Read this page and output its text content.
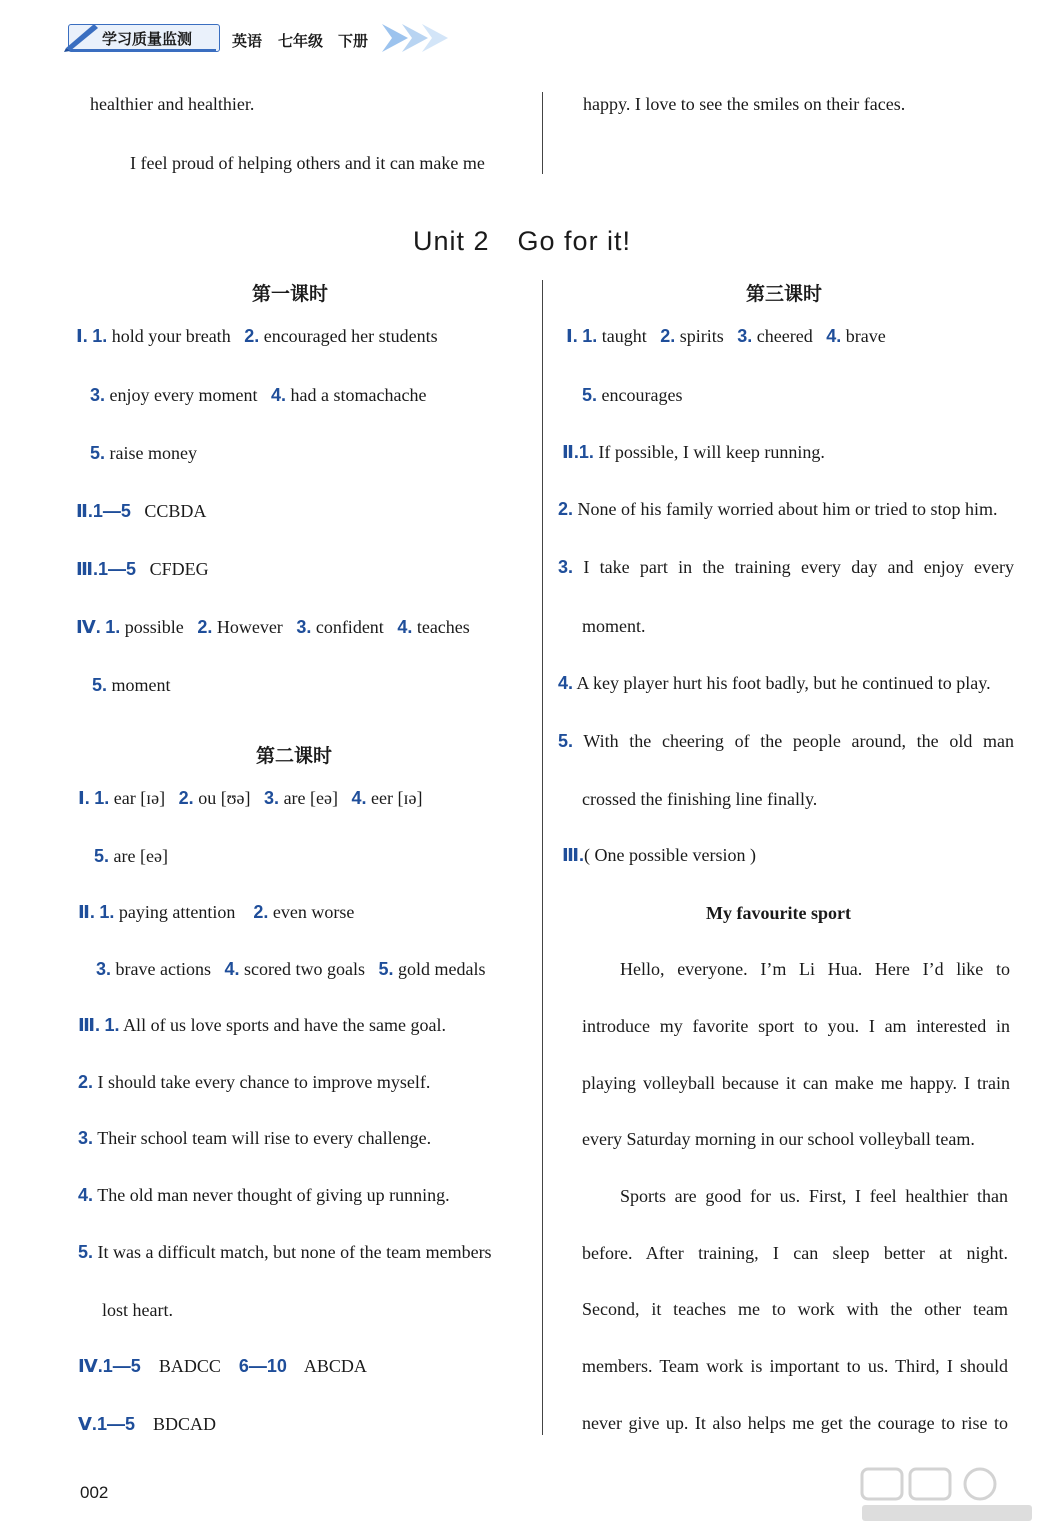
学习质量监测	英语 七年级 下册
healthier and healthier.
I feel proud of helping others and it can make me
happy. I love to see the smiles on their faces.
Unit 2　Go for it!
第一课时
Ⅰ. 1. hold your breath 2. encouraged her students
3. enjoy every moment 4. had a stomachache
5. raise money
Ⅱ.1—5 CCBDA
Ⅲ.1—5 CFDEG
Ⅳ. 1. possible 2. However 3. confident 4. teaches
5. moment
第二课时
Ⅰ. 1. ear [ɪə] 2. ou [ʊə] 3. are [eə] 4. eer [ɪə]
5. are [eə]
Ⅱ. 1. paying attention 2. even worse
3. brave actions 4. scored two goals 5. gold medals
Ⅲ. 1. All of us love sports and have the same goal.
2. I should take every chance to improve myself.
3. Their school team will rise to every challenge.
4. The old man never thought of giving up running.
5. It was a difficult match, but none of the team members
lost heart.
Ⅳ.1—5 BADCC 6—10 ABCDA
Ⅴ.1—5 BDCAD
第三课时
Ⅰ. 1. taught 2. spirits 3. cheered 4. brave
5. encourages
Ⅱ.1. If possible, I will keep running.
2. None of his family worried about him or tried to stop him.
3. I take part in the training every day and enjoy every
moment.
4. A key player hurt his foot badly, but he continued to play.
5. With the cheering of the people around, the old man
crossed the finishing line finally.
Ⅲ.( One possible version )
My favourite sport
Hello, everyone. I’m Li Hua. Here I’d like to
introduce my favorite sport to you. I am interested in
playing volleyball because it can make me happy. I train
every Saturday morning in our school volleyball team.
Sports are good for us. First, I feel healthier than
before. After training, I can sleep better at night.
Second, it teaches me to work with the other team
members. Team work is important to us. Third, I should
never give up. It also helps me get the courage to rise to
002
